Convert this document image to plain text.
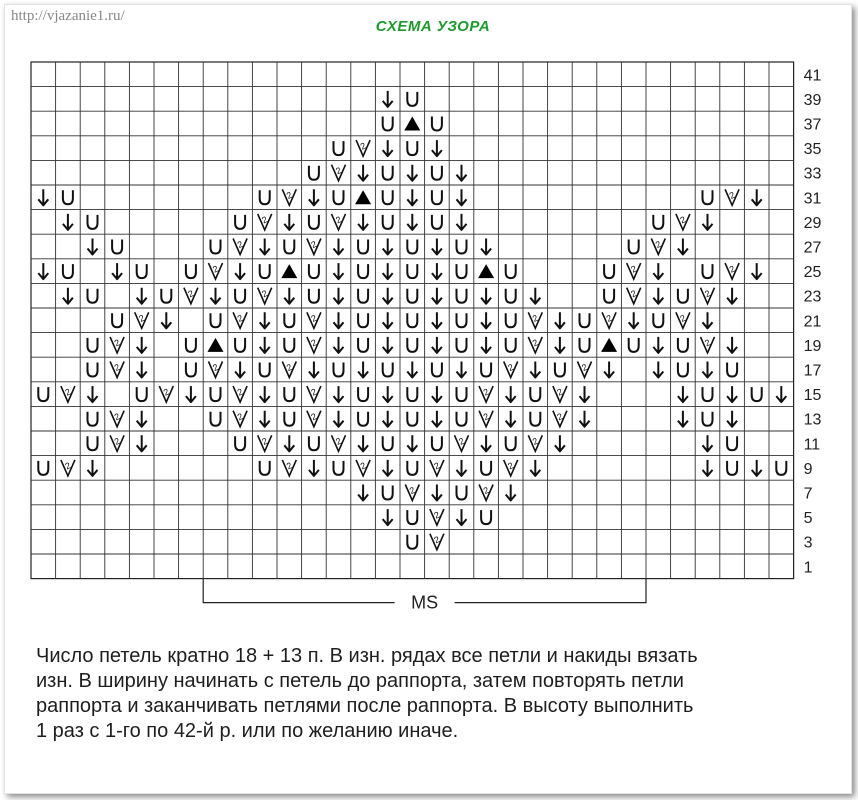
http://vjazanie1.ru/
СХЕМА УЗОРА
41
39
37
35
33
31
29
27
25
23
21
19
17
15
13
11
9
7
5
3
1
2
2
2	2
2	2	2
2	2	2
2	2	2
2	2	2	2
2	2	2	2	2	2
2	2	2	2
2	2	2	2	2
2	2	2	2	2	2
2	2	2	2	2
2	2	2	2	2
2	2	2	2	2
2	2
2
2
MS
Число петель кратно 18 + 13 п. В изн. рядах все петли и накиды вязать
изн. В ширину начинать с петель до раппорта, затем повторять петли
раппорта и заканчивать петлями после раппорта. В высоту выполнить
1 раз с 1-го по 42-й р. или по желанию иначе.
